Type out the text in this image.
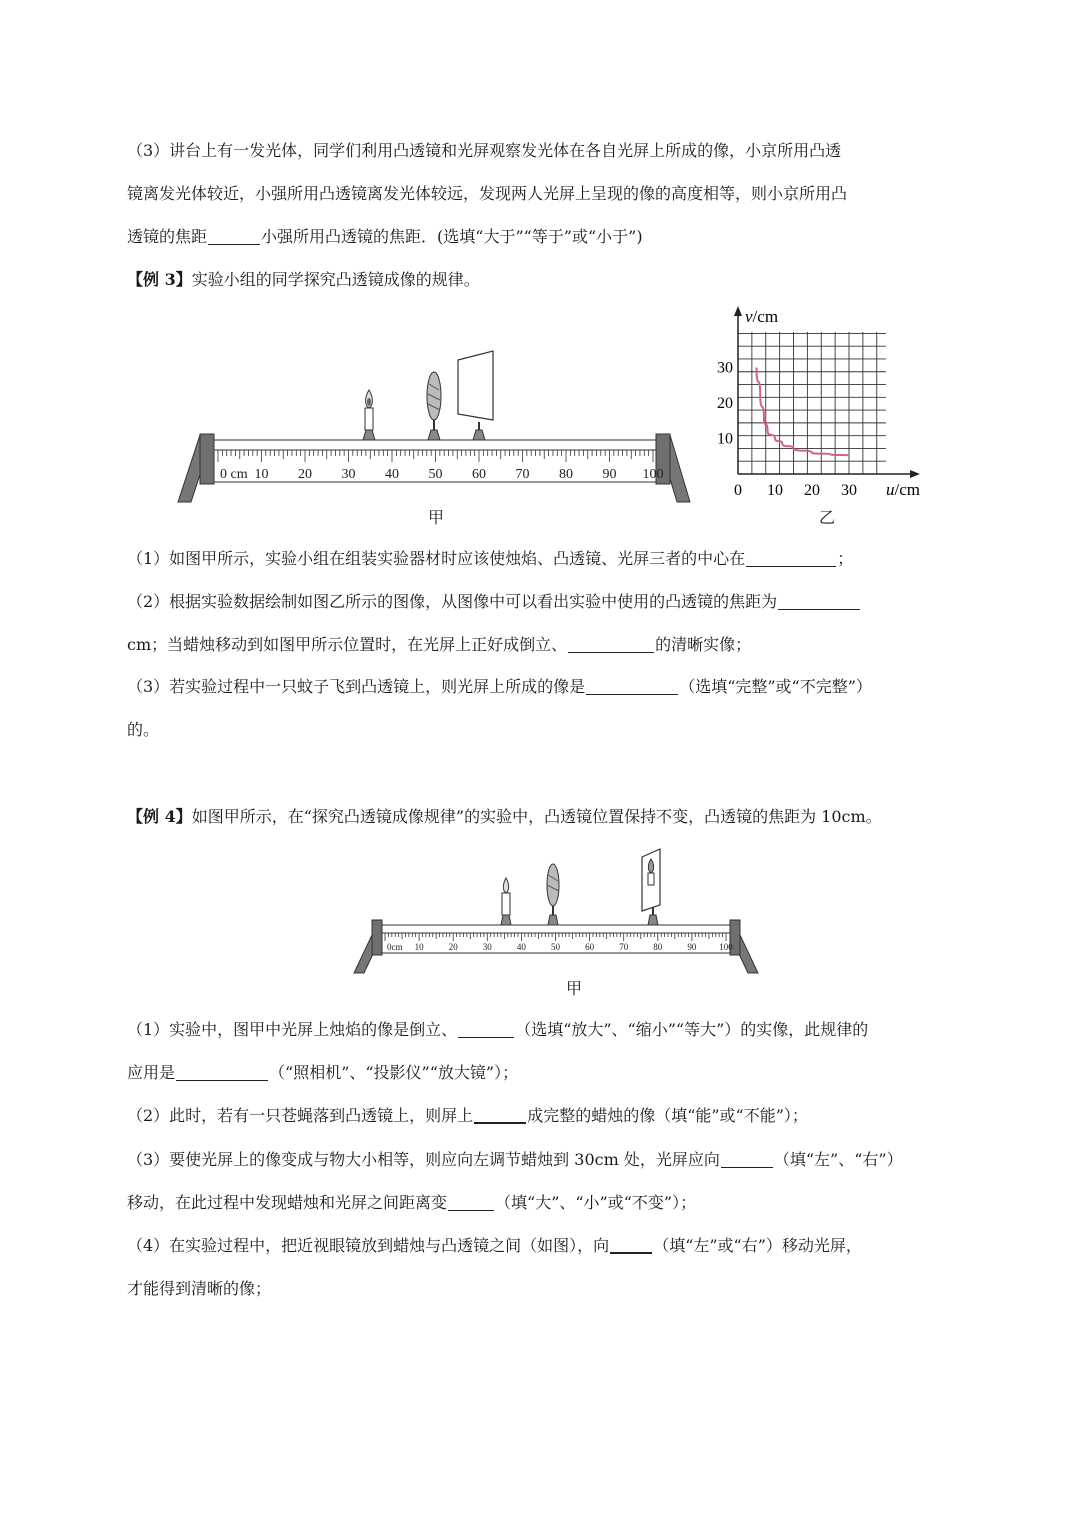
（3）讲台上有一发光体，同学们利用凸透镜和光屏观察发光体在各自光屏上所成的像，小京所用凸透
镜离发光体较近，小强所用凸透镜离发光体较远，发现两人光屏上呈现的像的高度相等，则小京所用凸
透镜的焦距	小强所用凸透镜的焦距．(选填“大于”“等于”或“小于”)
【例 3】实验小组的同学探究凸透镜成像的规律。
0 cm 10 20 30 40 50 60 70 80 90 100
甲
0 10 20 30
10
20
30
v/cm
u/cm
乙
（1）如图甲所示，实验小组在组装实验器材时应该使烛焰、凸透镜、光屏三者的中心在	；
（2）根据实验数据绘制如图乙所示的图像，从图像中可以看出实验中使用的凸透镜的焦距为
cm；当蜡烛移动到如图甲所示位置时，在光屏上正好成倒立、	的清晰实像；
（3）若实验过程中一只蚊子飞到凸透镜上，则光屏上所成的像是	（选填“完整”或“不完整”）
的。
【例 4】如图甲所示，在“探究凸透镜成像规律”的实验中，凸透镜位置保持不变，凸透镜的焦距为 10cm。
0cm 10	20	30	40	50	60	70	80	90	100
甲
（1）实验中，图甲中光屏上烛焰的像是倒立、	（选填“放大”、“缩小”“等大”）的实像，此规律的
应用是	（“照相机”、“投影仪”“放大镜”）；
（2）此时，若有一只苍蝇落到凸透镜上，则屏上	成完整的蜡烛的像（填“能”或“不能”）；
（3）要使光屏上的像变成与物大小相等，则应向左调节蜡烛到 30cm 处，光屏应向	（填“左”、“右”）
移动，在此过程中发现蜡烛和光屏之间距离变	（填“大”、“小”或“不变”）；
（4）在实验过程中，把近视眼镜放到蜡烛与凸透镜之间（如图），向	（填“左”或“右”）移动光屏，
才能得到清晰的像；
